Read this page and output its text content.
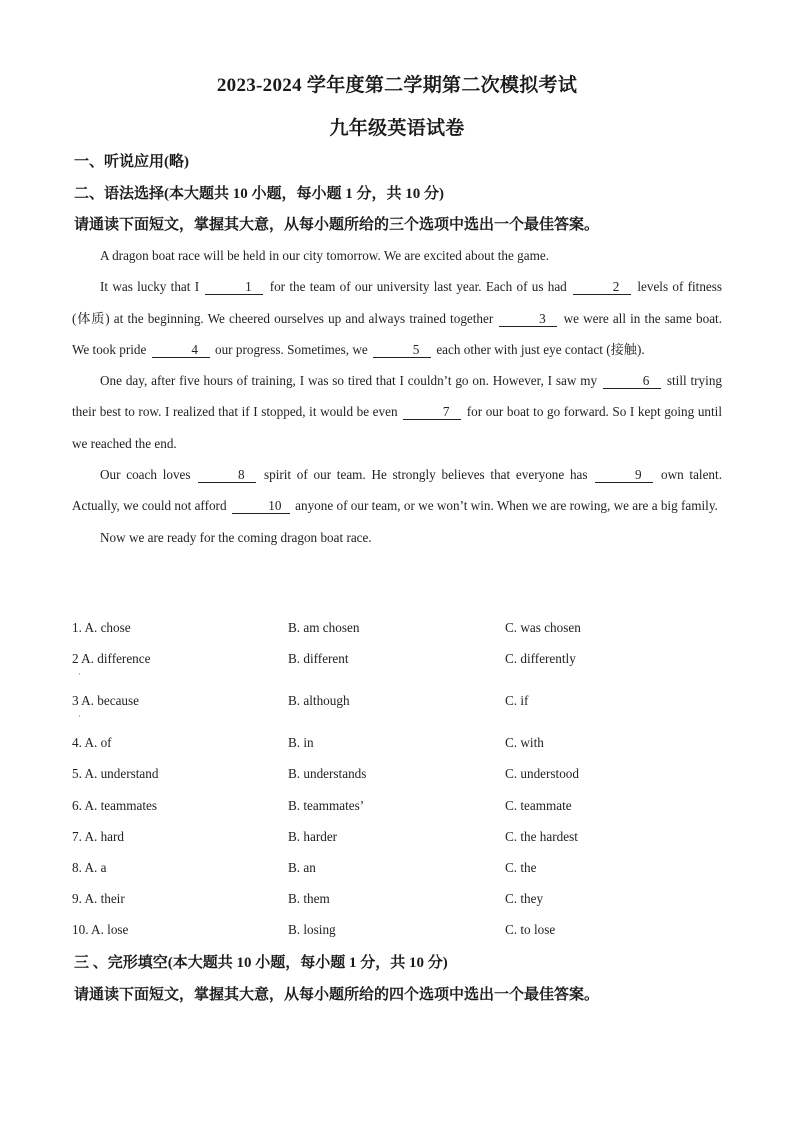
2023-2024 学年度第二学期第二次模拟考试
九年级英语试卷
一、听说应用(略)
二、语法选择(本大题共 10 小题，每小题 1 分，共 10 分)
请通读下面短文，掌握其大意，从每小题所给的三个选项中选出一个最佳答案。

A dragon boat race will be held in our city tomorrow. We are excited about the game.

It was lucky that I	1 for the team of our university last year. Each of us had	2 levels of fitness (体质) at the beginning. We cheered ourselves up and always trained together	3 we were all in the same boat. We took pride	4 our progress. Sometimes, we	5 each other with just eye contact (接触).

One day, after five hours of training, I was so tired that I couldn’t go on. However, I saw my	6 still trying their best to row. I realized that if I stopped, it would be even	7 for our boat to go forward. So I kept going until we reached the end.

Our coach loves	8 spirit of our team. He strongly believes that everyone has	9 own talent. Actually, we could not afford	10 anyone of our team, or we won’t win. When we are rowing, we are a big family.

Now we are ready for the coming dragon boat race.

1. A. chose	B. am chosen	C. was chosen
2 A. difference	B. different	C. differently
·
3 A. because	B. although	C. if
·
4. A. of	B. in	C. with
5. A. understand	B. understands	C. understood
6. A. teammates	B. teammates’	C. teammate
7. A. hard	B. harder	C. the hardest
8. A. a	B. an	C. the
9. A. their	B. them	C. they
10. A. lose	B. losing	C. to lose
三 、完形填空(本大题共 10 小题，每小题 1 分，共 10 分)
请通读下面短文，掌握其大意，从每小题所给的四个选项中选出一个最佳答案。
